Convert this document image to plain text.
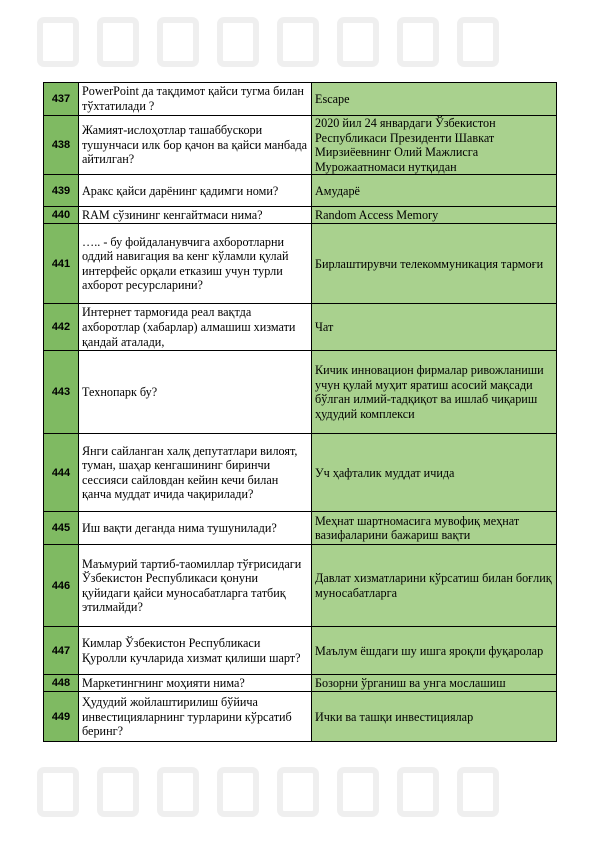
437	PowerPoint да тақдимот қайси тугма билан тўхтатилади ?	Escape
438	Жамият-ислоҳотлар ташаббускори тушунчаси илк бор қачон ва қайси манбада айтилган?	2020 йил 24 январдаги Ўзбекистон Республикаси Президенти Шавкат Мирзиёевнинг Олий Мажлисга Мурожаатномаси нутқидан
439	Аракс қайси дарёнинг қадимги номи?	Амударё
440	RAM сўзининг кенгайтмаси нима?	Random Access Memory
441	….. - бу фойдаланувчига ахборотларни оддий навигация ва кенг кўламли қулай интерфейс орқали етказиш учун турли ахборот ресурсларини?	Бирлаштирувчи телекоммуникация тармоғи
442	Интернет тармоғида реал вақтда ахборотлар (хабарлар) алмашиш хизмати қандай аталади,	Чат
443	Технопарк бу?	Кичик инновацион фирмалар ривожланиши учун қулай муҳит яратиш асосий мақсади бўлган илмий-тадқиқот ва ишлаб чиқариш ҳудудий комплекси
444	Янги сайланган халқ депутатлари вилоят, туман, шаҳар кенгашининг биринчи сессияси сайловдан кейин кечи билан қанча муддат ичида чақирилади?	Уч ҳафталик муддат ичида
445	Иш вақти деганда нима тушунилади?	Меҳнат шартномасига мувофиқ меҳнат вазифаларини бажариш вақти
446	Маъмурий тартиб-таомиллар тўғрисидаги Ўзбекистон Республикаси қонуни қуйидаги қайси муносабатларга татбиқ этилмайди?	Давлат хизматларини кўрсатиш билан боғлиқ муносабатларга
447	Кимлар Ўзбекистон Республикаси Қуролли кучларида хизмат қилиши шарт?	Маълум ёшдаги шу ишга яроқли фуқаролар
448	Маркетингнинг моҳияти нима?	Бозорни ўрганиш ва унга мослашиш
449	Ҳудудий жойлаштирилиш бўйича инвестицияларнинг турларини кўрсатиб беринг?	Ички ва ташқи инвестициялар
